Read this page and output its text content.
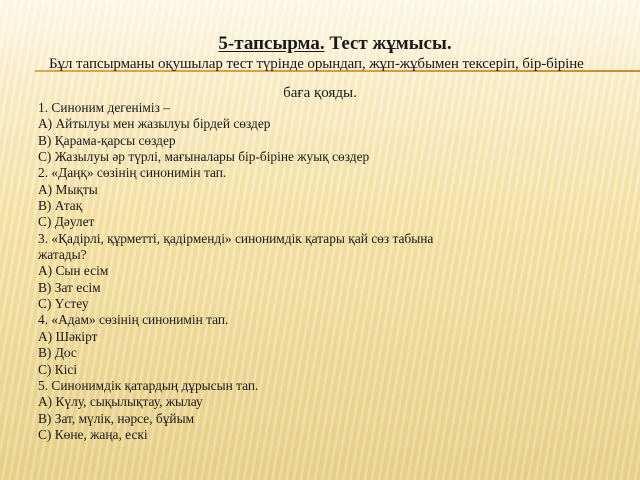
5-тапсырма. Тест жұмысы.
Бұл тапсырманы оқушылар тест түрінде орындап, жұп-жұбымен тексеріп, бір-біріне
баға қояды.
1. Синоним дегеніміз –
А) Айтылуы мен жазылуы бірдей сөздер
В) Қарама-қарсы сөздер
С) Жазылуы әр түрлі, мағыналары бір-біріне жуық сөздер
2. «Даңқ» сөзінің синонимін тап.
А) Мықты
В) Атақ
С) Дәулет
3. «Қадірлі, құрметті, қадірменді» синонимдік қатары қай сөз табына
жатады?
А) Сын есім
В) Зат есім
С) Үстеу
4. «Адам» сөзінің синонимін тап.
А) Шәкірт
В) Дос
С) Кісі
5. Синонимдік қатардың дұрысын тап.
А) Күлу, сықылықтау, жылау
В) Зат, мүлік, нәрсе, бұйым
С) Көне, жаңа, ескі
